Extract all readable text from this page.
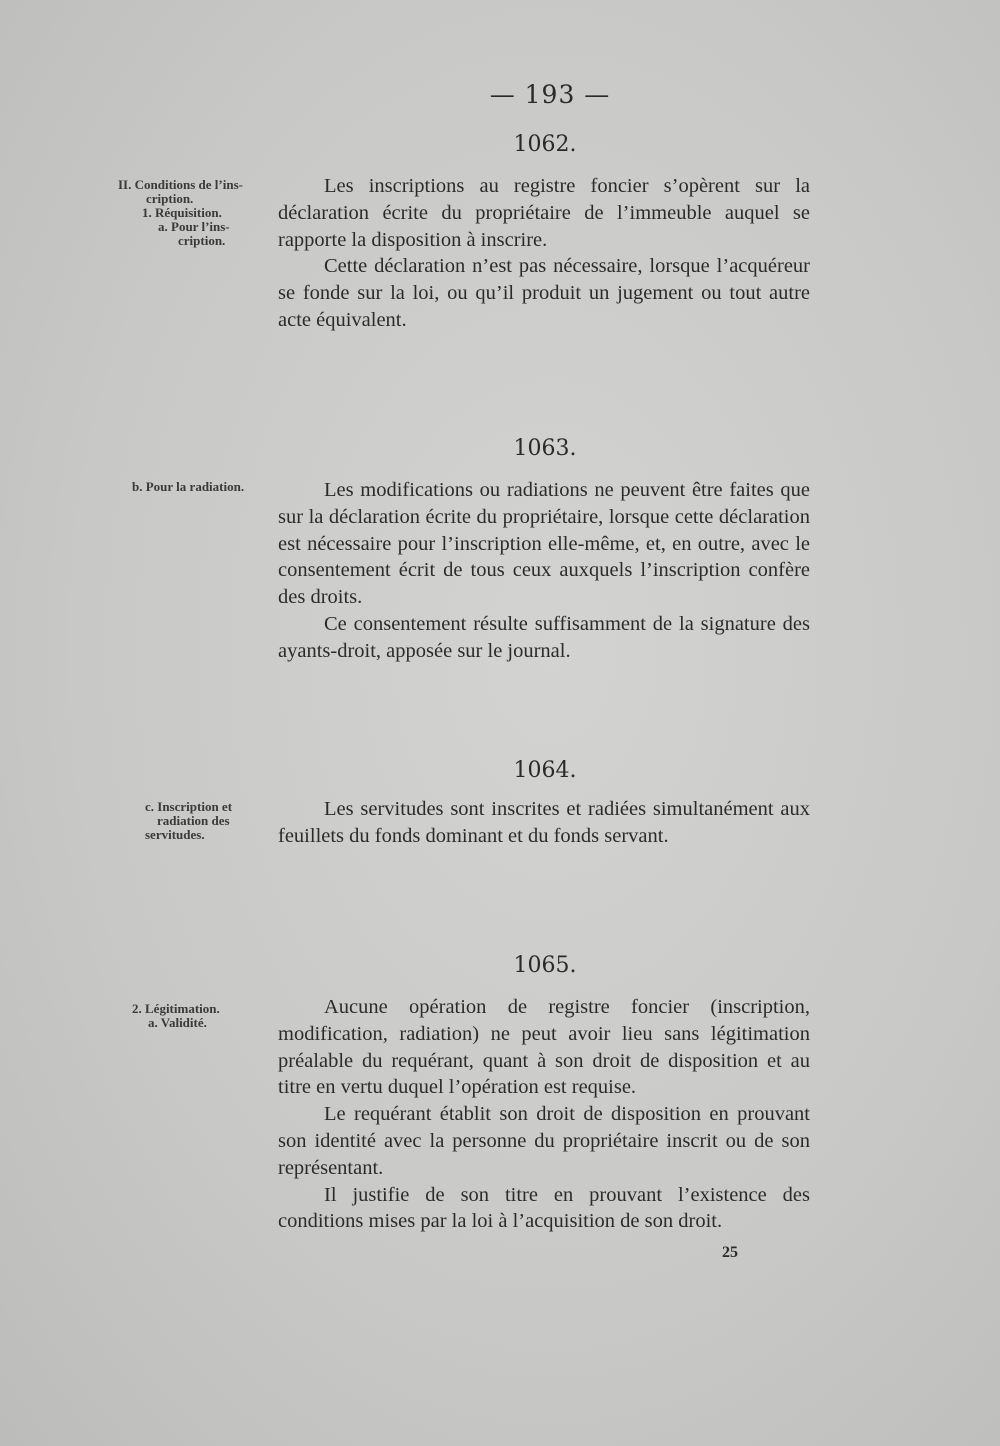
— 193 —
1062.
II. Conditions de l’ins-
cription.
1. Réquisition.
a. Pour l’ins-
cription.

Les inscriptions au registre foncier s’opèrent sur la déclaration écrite du propriétaire de l’immeuble auquel se rapporte la disposition à inscrire.

Cette déclaration n’est pas nécessaire, lorsque l’acquéreur se fonde sur la loi, ou qu’il produit un jugement ou tout autre acte équivalent.

1063.
b. Pour la radiation.	Les modifications ou radiations ne peuvent être faites que sur la déclaration écrite du propriétaire, lorsque cette déclaration est nécessaire pour l’inscription elle-même, et, en outre, avec le consentement écrit de tous ceux auxquels l’inscription confère des droits.

Ce consentement résulte suffisamment de la signature des ayants-droit, apposée sur le journal.

1064.
c. Inscription et
radiation des
servitudes.

Les servitudes sont inscrites et radiées simultanément aux feuillets du fonds dominant et du fonds servant.

1065.
2. Légitimation.
a. Validité.

Aucune opération de registre foncier (inscription, modification, radiation) ne peut avoir lieu sans légitimation préalable du requérant, quant à son droit de disposition et au titre en vertu duquel l’opération est requise.

Le requérant établit son droit de disposition en prouvant son identité avec la personne du propriétaire inscrit ou de son représentant.

Il justifie de son titre en prouvant l’existence des conditions mises par la loi à l’acquisition de son droit.

25
